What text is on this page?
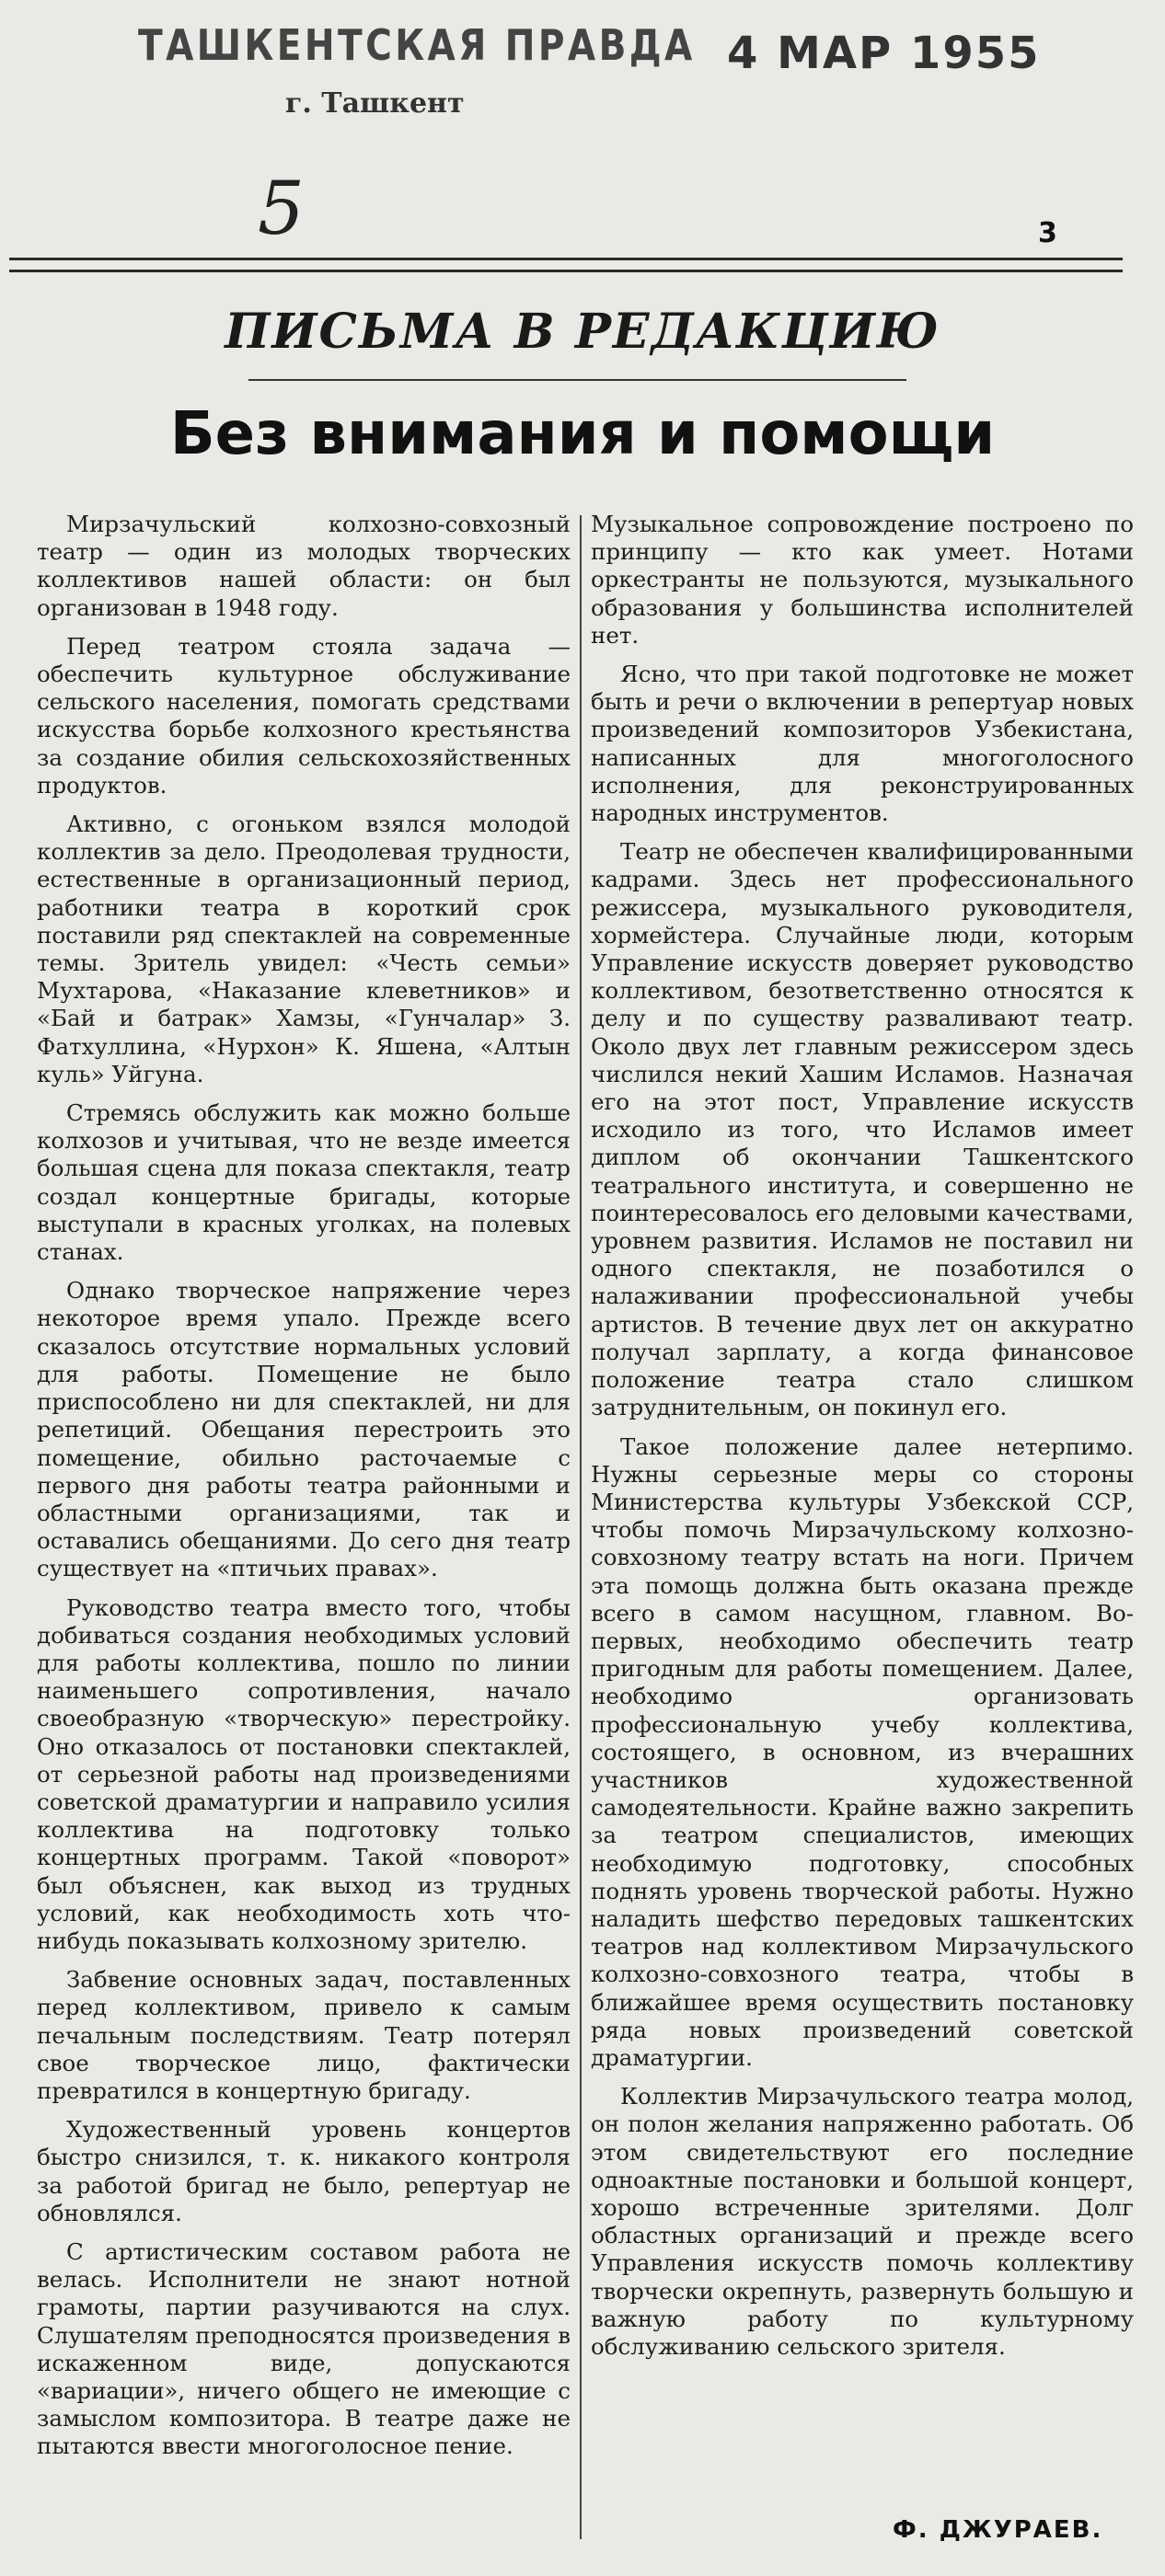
ТАШКЕНТСКАЯ ПРАВДА
г. Ташкент
4 МАР 1955
5	3
ПИСЬМА В РЕДАКЦИЮ
Без внимания и помощи

Мирзачульский колхозно-совхозный театр — один из молодых творческих коллективов нашей области: он был организован в 1948 году.

Перед театром стояла задача — обеспечить культурное обслуживание сельского населения, помогать средствами искусства борьбе колхозного крестьянства за создание обилия сельскохозяйственных продуктов.

Активно, с огоньком взялся молодой коллектив за дело. Преодолевая трудности, естественные в организационный период, работники театра в короткий срок поставили ряд спектаклей на современные темы. Зритель увидел: «Честь семьи» Мухтарова, «Наказание клеветников» и «Бай и батрак» Хамзы, «Гунчалар» З. Фатхуллина, «Нурхон» К. Яшена, «Алтын куль» Уйгуна.

Стремясь обслужить как можно больше колхозов и учитывая, что не везде имеется большая сцена для показа спектакля, театр создал концертные бригады, которые выступали в красных уголках, на полевых станах.

Однако творческое напряжение через некоторое время упало. Прежде всего сказалось отсутствие нормальных условий для работы. Помещение не было приспособлено ни для спектаклей, ни для репетиций. Обещания перестроить это помещение, обильно расточаемые с первого дня работы театра районными и областными организациями, так и оставались обещаниями. До сего дня театр существует на «птичьих правах».

Руководство театра вместо того, чтобы добиваться создания необходимых условий для работы коллектива, пошло по линии наименьшего сопротивления, начало своеобразную «творческую» перестройку. Оно отказалось от постановки спектаклей, от серьезной работы над произведениями советской драматургии и направило усилия коллектива на подготовку только концертных программ. Такой «поворот» был объяснен, как выход из трудных условий, как необходимость хоть что-нибудь показывать колхозному зрителю.

Забвение основных задач, поставленных перед коллективом, привело к самым печальным последствиям. Театр потерял свое творческое лицо, фактически превратился в концертную бригаду.

Художественный уровень концертов быстро снизился, т. к. никакого контроля за работой бригад не было, репертуар не обновлялся.

С артистическим составом работа не велась. Исполнители не знают нотной грамоты, партии разучиваются на слух. Слушателям преподносятся произведения в искаженном виде, допускаются «вариации», ничего общего не имеющие с замыслом композитора. В театре даже не пытаются ввести многоголосное пение.

Музыкальное сопровождение построено по принципу — кто как умеет. Нотами оркестранты не пользуются, музыкального образования у большинства исполнителей нет.

Ясно, что при такой подготовке не может быть и речи о включении в репертуар новых произведений композиторов Узбекистана, написанных для многоголосного исполнения, для реконструированных народных инструментов.

Театр не обеспечен квалифицированными кадрами. Здесь нет профессионального режиссера, музыкального руководителя, хормейстера. Случайные люди, которым Управление искусств доверяет руководство коллективом, безответственно относятся к делу и по существу разваливают театр. Около двух лет главным режиссером здесь числился некий Хашим Исламов. Назначая его на этот пост, Управление искусств исходило из того, что Исламов имеет диплом об окончании Ташкентского театрального института, и совершенно не поинтересовалось его деловыми качествами, уровнем развития. Исламов не поставил ни одного спектакля, не позаботился о налаживании профессиональной учебы артистов. В течение двух лет он аккуратно получал зарплату, а когда финансовое положение театра стало слишком затруднительным, он покинул его.

Такое положение далее нетерпимо. Нужны серьезные меры со стороны Министерства культуры Узбекской ССР, чтобы помочь Мирзачульскому колхозно-совхозному театру встать на ноги. Причем эта помощь должна быть оказана прежде всего в самом насущном, главном. Во-первых, необходимо обеспечить театр пригодным для работы помещением. Далее, необходимо организовать профессиональную учебу коллектива, состоящего, в основном, из вчерашних участников художественной самодеятельности. Крайне важно закрепить за театром специалистов, имеющих необходимую подготовку, способных поднять уровень творческой работы. Нужно наладить шефство передовых ташкентских театров над коллективом Мирзачульского колхозно-совхозного театра, чтобы в ближайшее время осуществить постановку ряда новых произведений советской драматургии.

Коллектив Мирзачульского театра молод, он полон желания напряженно работать. Об этом свидетельствуют его последние одноактные постановки и большой концерт, хорошо встреченные зрителями. Долг областных организаций и прежде всего Управления искусств помочь коллективу творчески окрепнуть, развернуть большую и важную работу по культурному обслуживанию сельского зрителя.

Ф. ДЖУРАЕВ.
